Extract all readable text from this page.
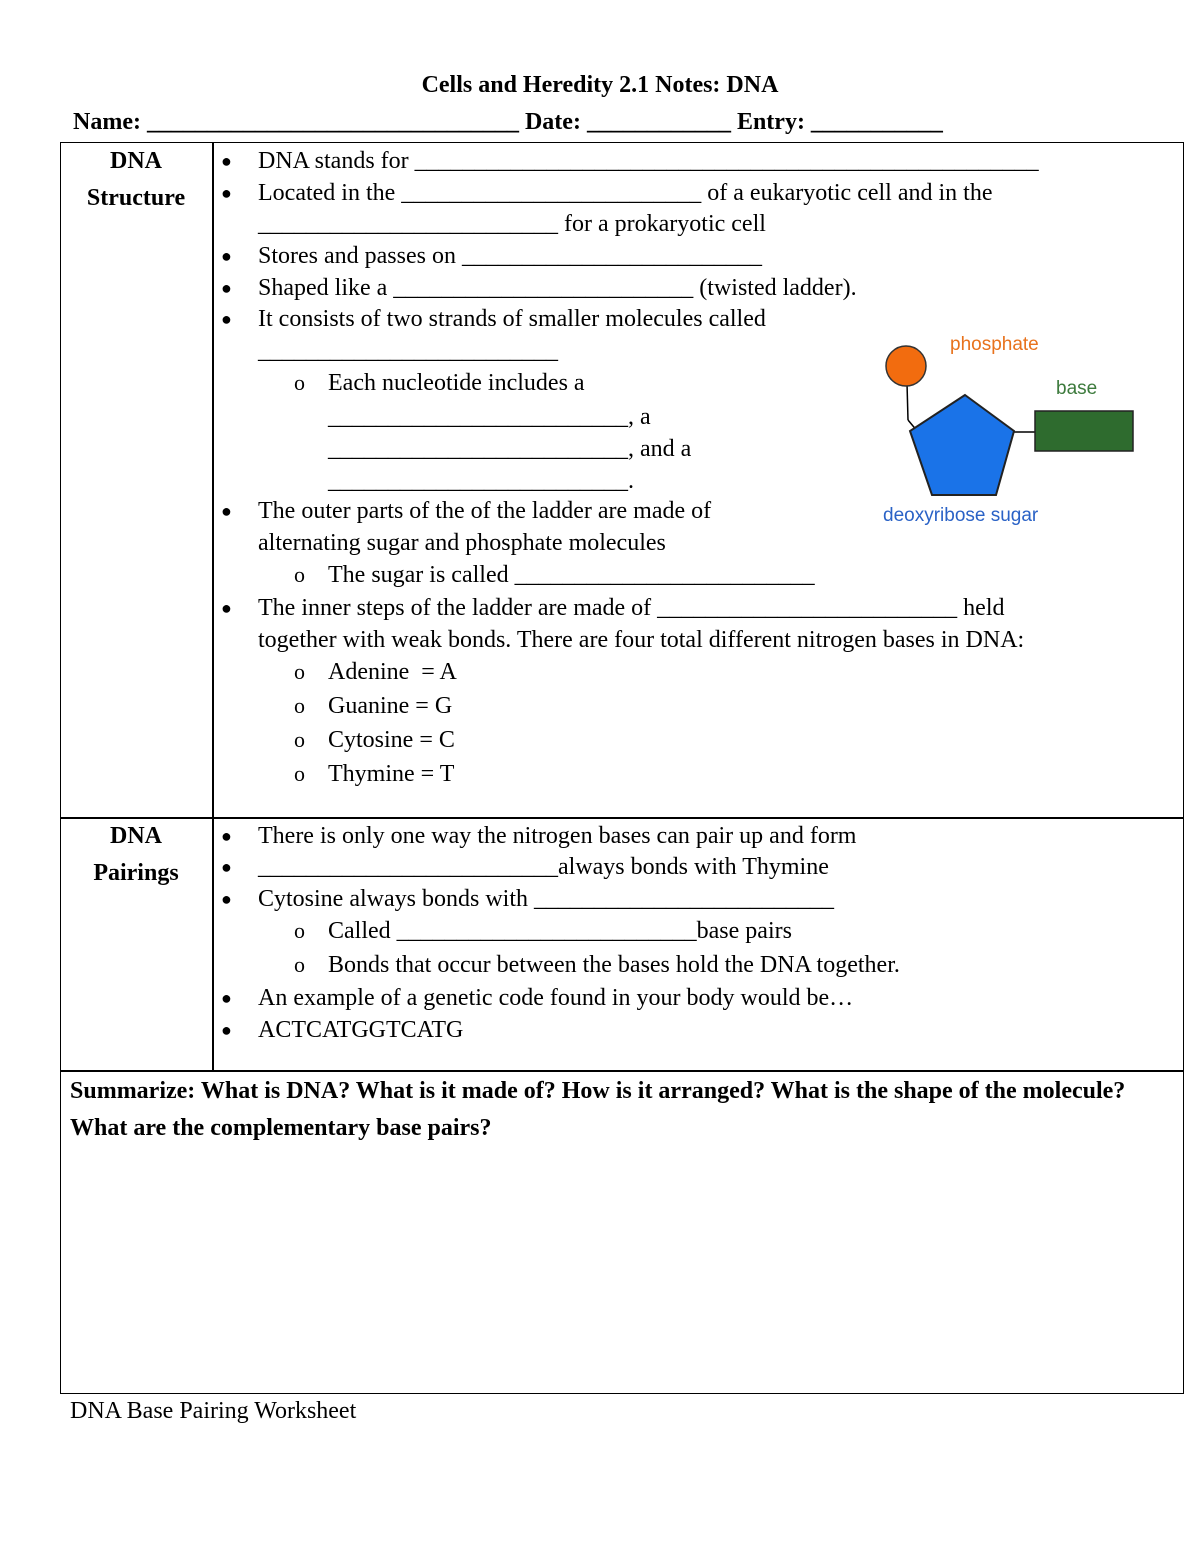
Cells and Heredity 2.1 Notes: DNA
Name: _______________________________ Date: ____________ Entry: ___________
DNA
Structure
DNA
Pairings
● DNA stands for ____________________________________________________
● Located in the _________________________ of a eukaryotic cell and in the
_________________________ for a prokaryotic cell
● Stores and passes on _________________________
● Shaped like a _________________________ (twisted ladder).
● It consists of two strands of smaller molecules called
_________________________
o Each nucleotide includes a
_________________________, a
_________________________, and a
_________________________.
● The outer parts of the of the ladder are made of
alternating sugar and phosphate molecules
o The sugar is called _________________________
● The inner steps of the ladder are made of _________________________ held
together with weak bonds. There are four total different nitrogen bases in DNA:
o Adenine  = A
o Guanine = G
o Cytosine = C
o Thymine = T
phosphate
base
deoxyribose sugar
● There is only one way the nitrogen bases can pair up and form
● _________________________always bonds with Thymine
● Cytosine always bonds with _________________________
o Called _________________________base pairs
o Bonds that occur between the bases hold the DNA together.
● An example of a genetic code found in your body would be…
● ACTCATGGTCATG
Summarize: What is DNA? What is it made of? How is it arranged? What is the shape of the molecule? What are the complementary base pairs?
DNA Base Pairing Worksheet
